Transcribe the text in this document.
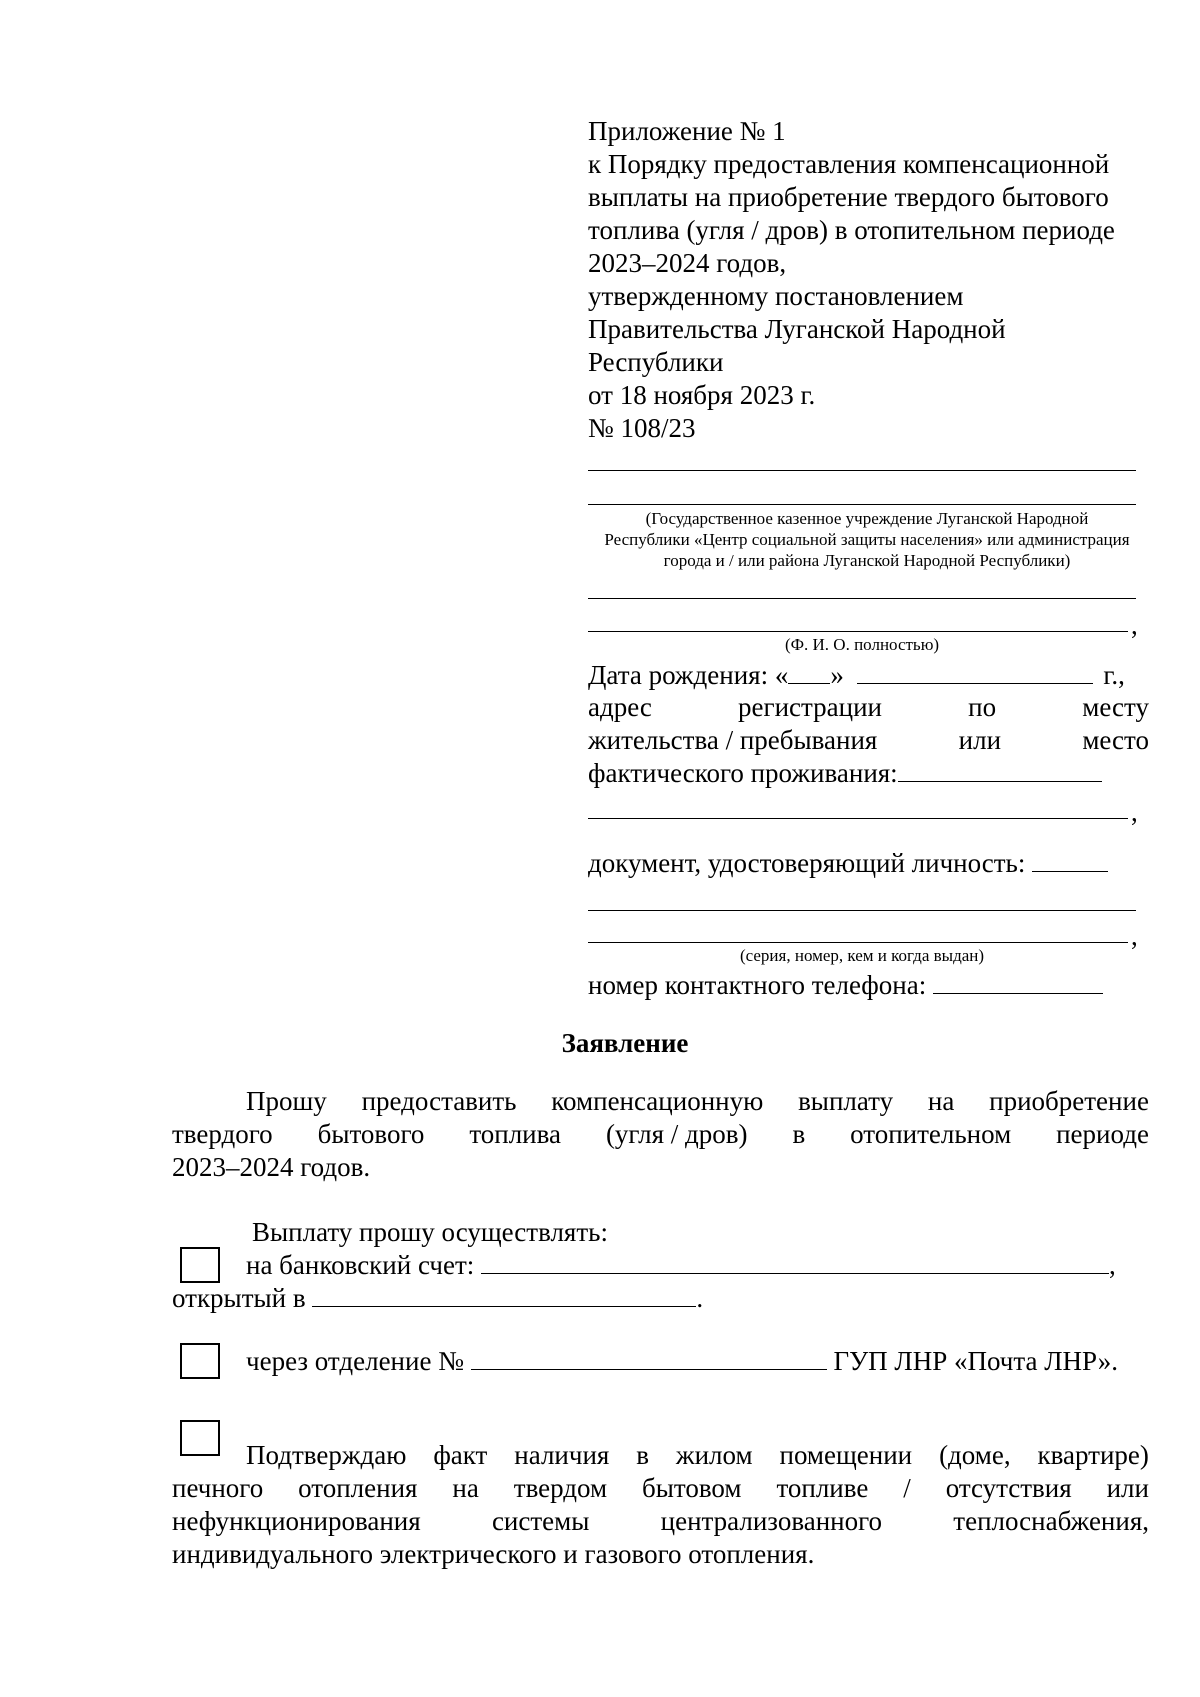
Приложение № 1
к Порядку предоставления компенсационной
выплаты на приобретение твердого бытового
топлива (угля / дров) в отопительном периоде
2023–2024 годов,
утвержденному постановлением
Правительства Луганской Народной
Республики
от 18 ноября 2023 г.
№ 108/23
(Государственное казенное учреждение Луганской Народной
Республики «Центр социальной защиты населения» или администрация
города и / или района Луганской Народной Республики)
,
(Ф. И. О. полностью)
Дата рождения: « »	г.,
адрес	регистрации	по	месту
жительства / пребывания	или	место
фактического проживания:
,
документ, удостоверяющий личность:
,
(серия, номер, кем и когда выдан)
номер контактного телефона:
Заявление
Прошу предоставить компенсационную выплату на приобретение
твердого бытового топлива (угля / дров) в отопительном периоде
2023–2024 годов.
Выплату прошу осуществлять:
на банковский счет:	,
открытый в	.
через отделение №	ГУП ЛНР «Почта ЛНР».
Подтверждаю факт наличия в жилом помещении (доме, квартире)
печного отопления на твердом бытовом топливе / отсутствия или
нефункционирования	системы	централизованного	теплоснабжения,
индивидуального электрического и газового отопления.
